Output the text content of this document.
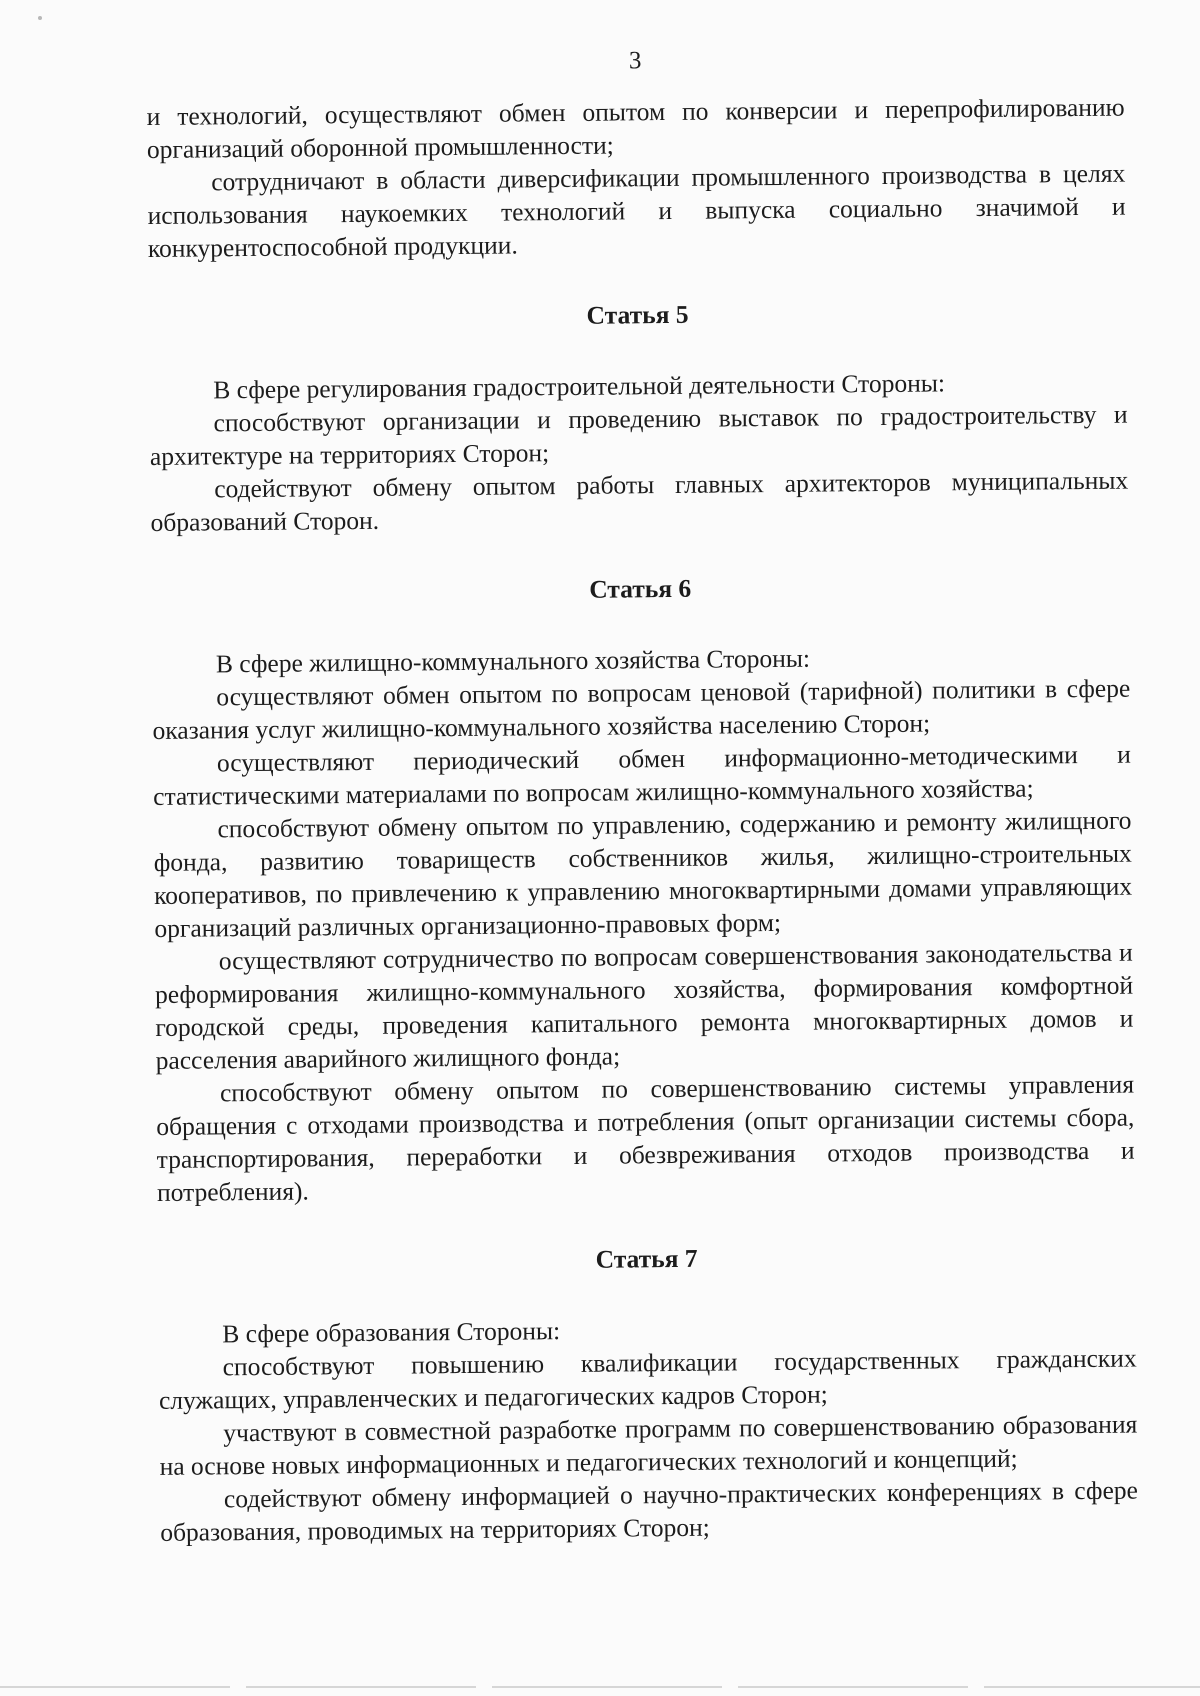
3

и технологий, осуществляют обмен опытом по конверсии и перепрофилированию организаций оборонной промышленности;

сотрудничают в области диверсификации промышленного производства в целях использования наукоемких технологий и выпуска социально значимой и конкурентоспособной продукции.

Статья 5

В сфере регулирования градостроительной деятельности Стороны:

способствуют организации и проведению выставок по градостроительству и архитектуре на территориях Сторон;

содействуют обмену опытом работы главных архитекторов муниципальных образований Сторон.

Статья 6

В сфере жилищно-коммунального хозяйства Стороны:

осуществляют обмен опытом по вопросам ценовой (тарифной) политики в сфере оказания услуг жилищно-коммунального хозяйства населению Сторон;

осуществляют периодический обмен информационно-методическими и статистическими материалами по вопросам жилищно-коммунального хозяйства;

способствуют обмену опытом по управлению, содержанию и ремонту жилищного фонда, развитию товариществ собственников жилья, жилищно-строительных кооперативов, по привлечению к управлению многоквартирными домами управляющих организаций различных организационно-правовых форм;

осуществляют сотрудничество по вопросам совершенствования законодательства и реформирования жилищно-коммунального хозяйства, формирования комфортной городской среды, проведения капитального ремонта многоквартирных домов и расселения аварийного жилищного фонда;

способствуют обмену опытом по совершенствованию системы управления обращения с отходами производства и потребления (опыт организации системы сбора, транспортирования, переработки и обезвреживания отходов производства и потребления).

Статья 7

В сфере образования Стороны:

способствуют повышению квалификации государственных гражданских служащих, управленческих и педагогических кадров Сторон;

участвуют в совместной разработке программ по совершенствованию образования на основе новых информационных и педагогических технологий и концепций;

содействуют обмену информацией о научно-практических конференциях в сфере образования, проводимых на территориях Сторон;
